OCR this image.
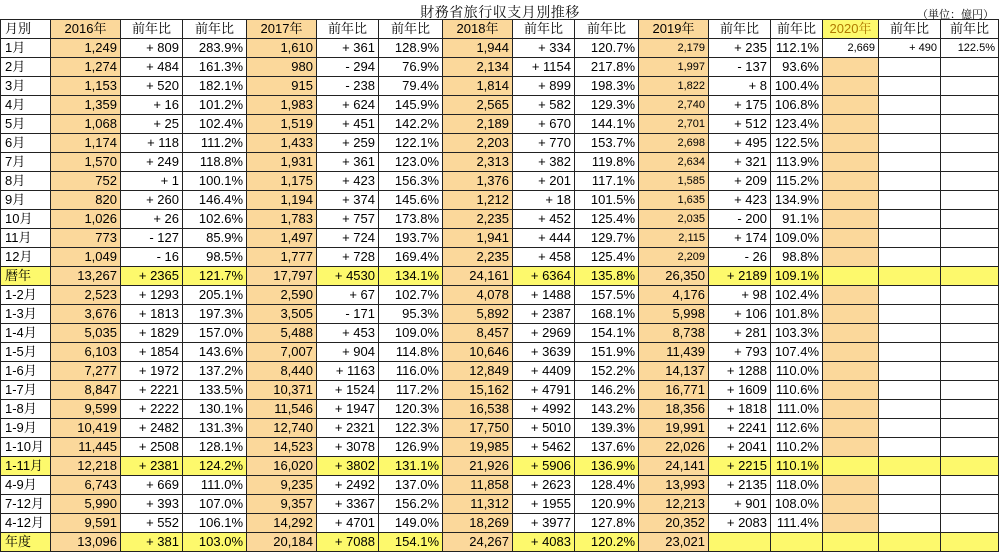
財務省旅行収支月別推移	（単位：億円）
月別	2016年	前年比	前年比	2017年	前年比	前年比	2018年	前年比	前年比	2019年	前年比	前年比	2020年	前年比	前年比
1月	1,249	+ 809	283.9%	1,610	+ 361	128.9%	1,944	+ 334	120.7%	2,179	+ 235	112.1%	2,669	+ 490	122.5%
2月	1,274	+ 484	161.3%	980	- 294	76.9%	2,134	+ 1154	217.8%	1,997	- 137	93.6%			
3月	1,153	+ 520	182.1%	915	- 238	79.4%	1,814	+ 899	198.3%	1,822	+ 8	100.4%			
4月	1,359	+ 16	101.2%	1,983	+ 624	145.9%	2,565	+ 582	129.3%	2,740	+ 175	106.8%			
5月	1,068	+ 25	102.4%	1,519	+ 451	142.2%	2,189	+ 670	144.1%	2,701	+ 512	123.4%			
6月	1,174	+ 118	111.2%	1,433	+ 259	122.1%	2,203	+ 770	153.7%	2,698	+ 495	122.5%			
7月	1,570	+ 249	118.8%	1,931	+ 361	123.0%	2,313	+ 382	119.8%	2,634	+ 321	113.9%			
8月	752	+ 1	100.1%	1,175	+ 423	156.3%	1,376	+ 201	117.1%	1,585	+ 209	115.2%			
9月	820	+ 260	146.4%	1,194	+ 374	145.6%	1,212	+ 18	101.5%	1,635	+ 423	134.9%			
10月	1,026	+ 26	102.6%	1,783	+ 757	173.8%	2,235	+ 452	125.4%	2,035	- 200	91.1%			
11月	773	- 127	85.9%	1,497	+ 724	193.7%	1,941	+ 444	129.7%	2,115	+ 174	109.0%			
12月	1,049	- 16	98.5%	1,777	+ 728	169.4%	2,235	+ 458	125.4%	2,209	- 26	98.8%			
暦年	13,267	+ 2365	121.7%	17,797	+ 4530	134.1%	24,161	+ 6364	135.8%	26,350	+ 2189	109.1%			
1-2月	2,523	+ 1293	205.1%	2,590	+ 67	102.7%	4,078	+ 1488	157.5%	4,176	+ 98	102.4%			
1-3月	3,676	+ 1813	197.3%	3,505	- 171	95.3%	5,892	+ 2387	168.1%	5,998	+ 106	101.8%			
1-4月	5,035	+ 1829	157.0%	5,488	+ 453	109.0%	8,457	+ 2969	154.1%	8,738	+ 281	103.3%			
1-5月	6,103	+ 1854	143.6%	7,007	+ 904	114.8%	10,646	+ 3639	151.9%	11,439	+ 793	107.4%			
1-6月	7,277	+ 1972	137.2%	8,440	+ 1163	116.0%	12,849	+ 4409	152.2%	14,137	+ 1288	110.0%			
1-7月	8,847	+ 2221	133.5%	10,371	+ 1524	117.2%	15,162	+ 4791	146.2%	16,771	+ 1609	110.6%			
1-8月	9,599	+ 2222	130.1%	11,546	+ 1947	120.3%	16,538	+ 4992	143.2%	18,356	+ 1818	111.0%			
1-9月	10,419	+ 2482	131.3%	12,740	+ 2321	122.3%	17,750	+ 5010	139.3%	19,991	+ 2241	112.6%			
1-10月	11,445	+ 2508	128.1%	14,523	+ 3078	126.9%	19,985	+ 5462	137.6%	22,026	+ 2041	110.2%			
1-11月	12,218	+ 2381	124.2%	16,020	+ 3802	131.1%	21,926	+ 5906	136.9%	24,141	+ 2215	110.1%			
4-9月	6,743	+ 669	111.0%	9,235	+ 2492	137.0%	11,858	+ 2623	128.4%	13,993	+ 2135	118.0%			
7-12月	5,990	+ 393	107.0%	9,357	+ 3367	156.2%	11,312	+ 1955	120.9%	12,213	+ 901	108.0%			
4-12月	9,591	+ 552	106.1%	14,292	+ 4701	149.0%	18,269	+ 3977	127.8%	20,352	+ 2083	111.4%			
年度	13,096	+ 381	103.0%	20,184	+ 7088	154.1%	24,267	+ 4083	120.2%	23,021					
